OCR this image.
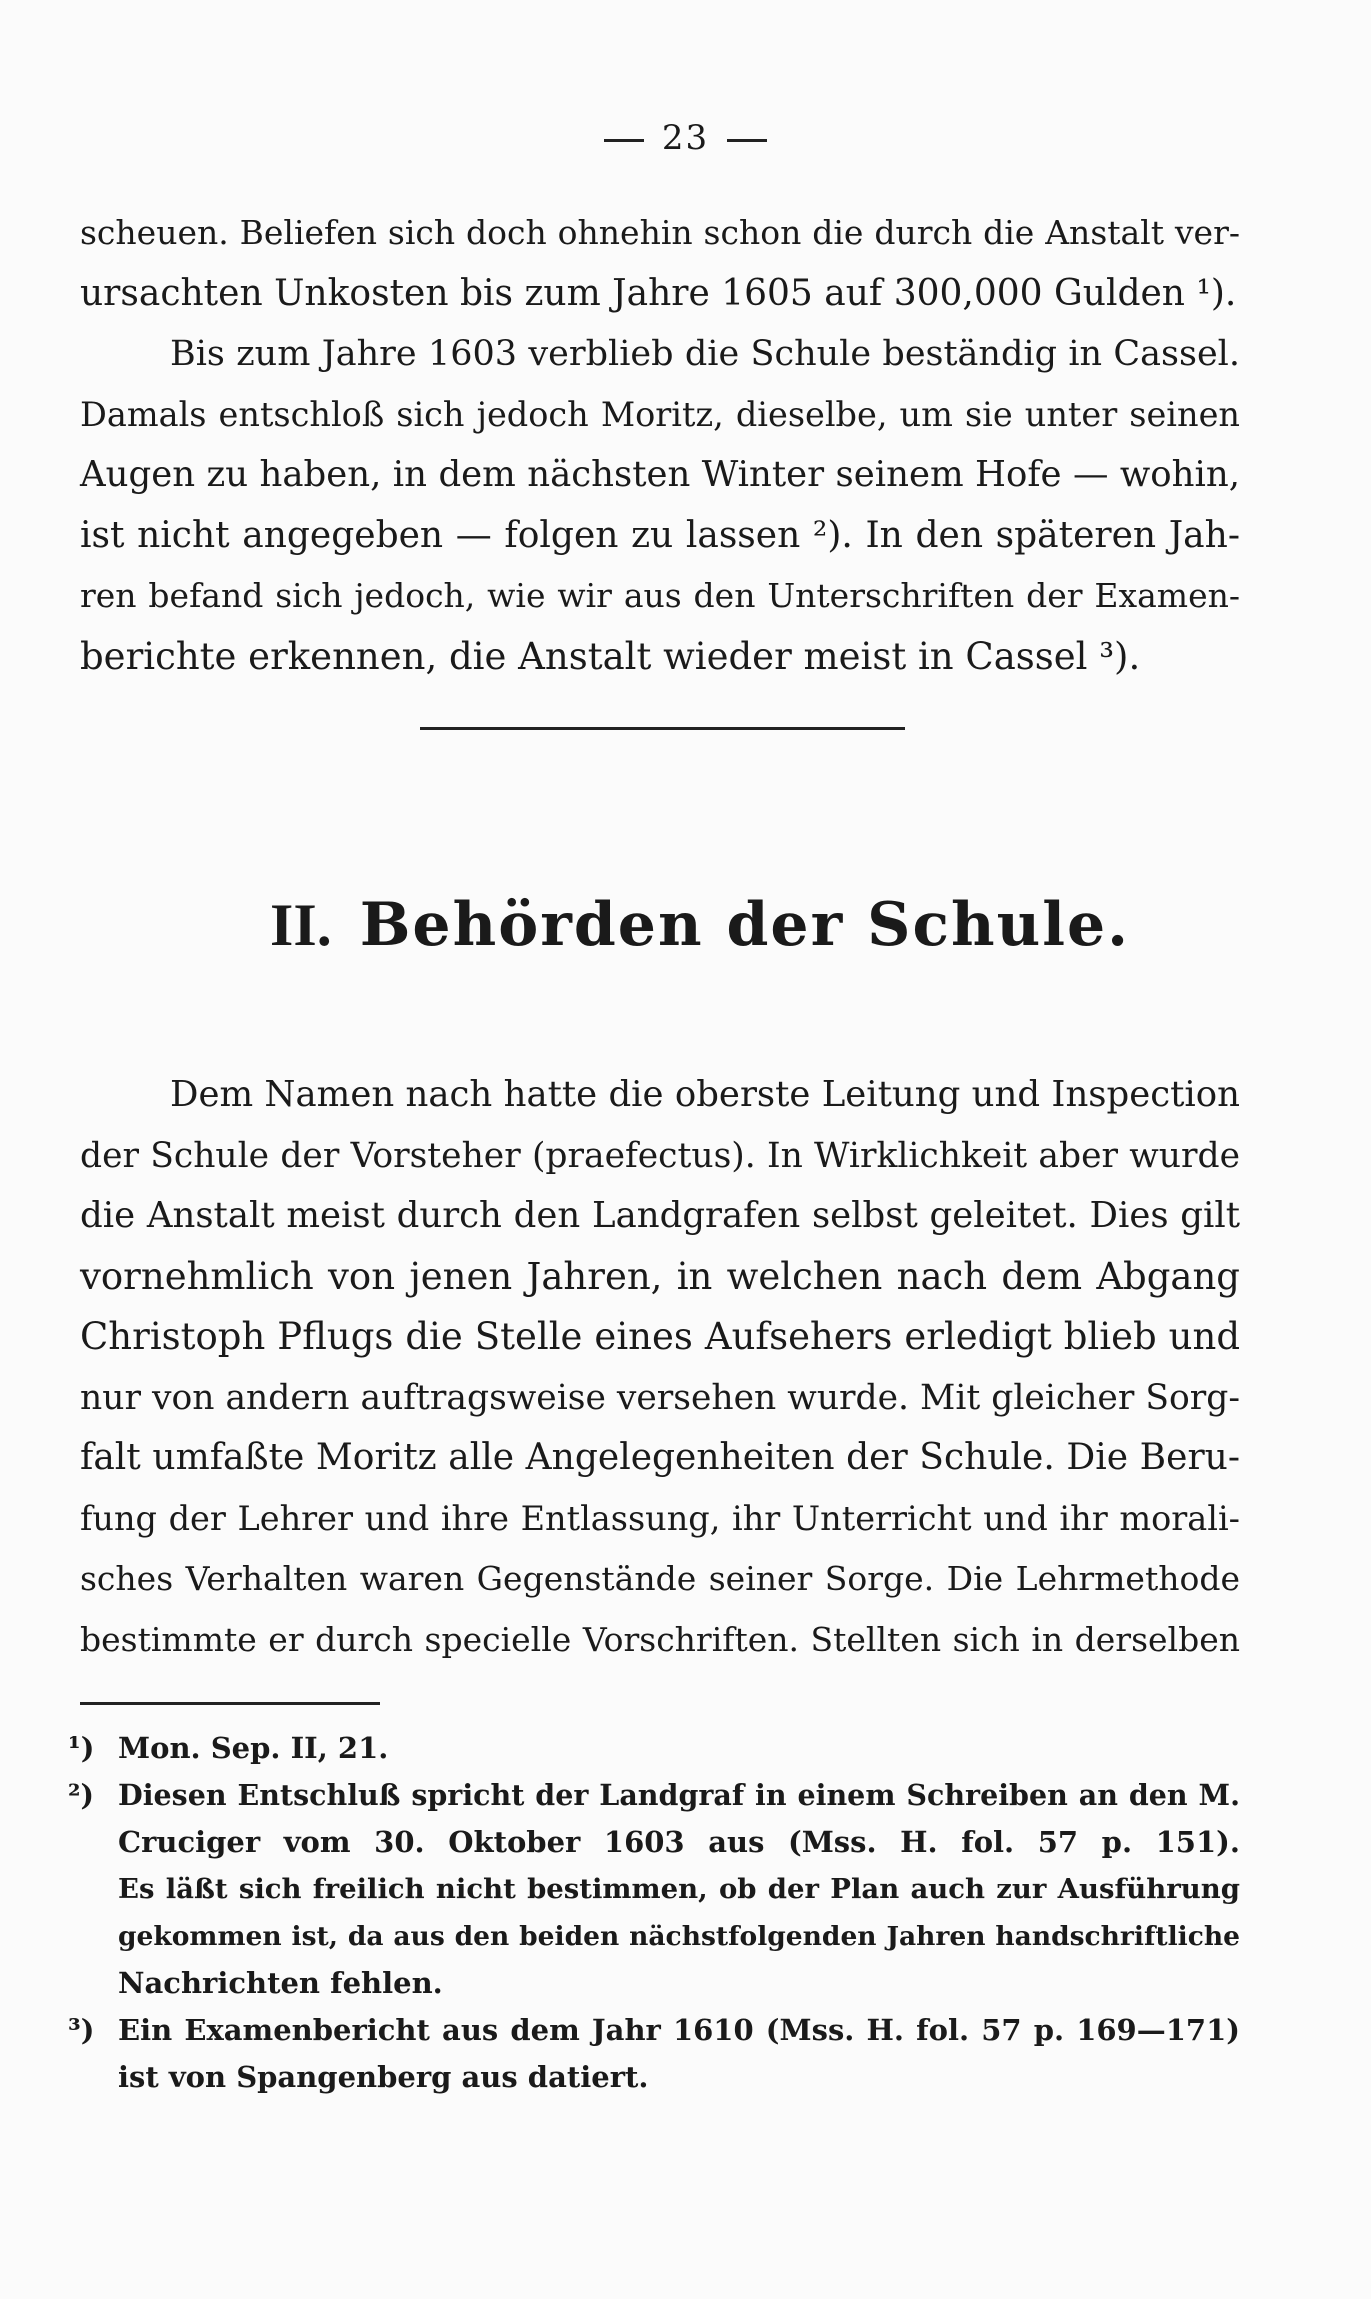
23
scheuen. Beliefen sich doch ohnehin schon die durch die Anstalt ver-
ursachten Unkosten bis zum Jahre 1605 auf 300,000 Gulden ¹).
Bis zum Jahre 1603 verblieb die Schule beständig in Cassel.
Damals entschloß sich jedoch Moritz, dieselbe, um sie unter seinen
Augen zu haben, in dem nächsten Winter seinem Hofe — wohin,
ist nicht angegeben — folgen zu lassen ²). In den späteren Jah-
ren befand sich jedoch, wie wir aus den Unterschriften der Examen-
berichte erkennen, die Anstalt wieder meist in Cassel ³).
II. Behörden der Schule.
Dem Namen nach hatte die oberste Leitung und Inspection
der Schule der Vorsteher (praefectus). In Wirklichkeit aber wurde
die Anstalt meist durch den Landgrafen selbst geleitet. Dies gilt
vornehmlich von jenen Jahren, in welchen nach dem Abgang
Christoph Pflugs die Stelle eines Aufsehers erledigt blieb und
nur von andern auftragsweise versehen wurde. Mit gleicher Sorg-
falt umfaßte Moritz alle Angelegenheiten der Schule. Die Beru-
fung der Lehrer und ihre Entlassung, ihr Unterricht und ihr morali-
sches Verhalten waren Gegenstände seiner Sorge. Die Lehrmethode
bestimmte er durch specielle Vorschriften. Stellten sich in derselben
¹) Mon. Sep. II, 21.
²) Diesen Entschluß spricht der Landgraf in einem Schreiben an den M.
Cruciger vom 30. Oktober 1603 aus (Mss. H. fol. 57 p. 151).
Es läßt sich freilich nicht bestimmen, ob der Plan auch zur Ausführung
gekommen ist, da aus den beiden nächstfolgenden Jahren handschriftliche
Nachrichten fehlen.
³) Ein Examenbericht aus dem Jahr 1610 (Mss. H. fol. 57 p. 169—171)
ist von Spangenberg aus datiert.
